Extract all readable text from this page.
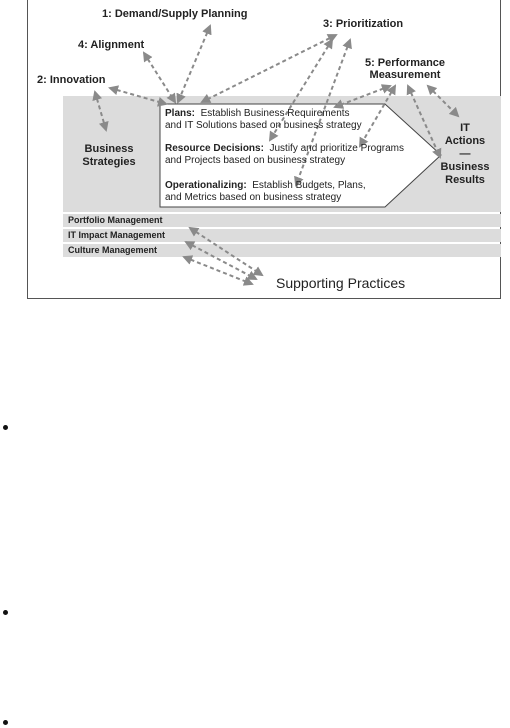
1: Demand/Supply Planning
3: Prioritization
4: Alignment
2: Innovation
5: Performance
Measurement
Business
Strategies
IT
Actions
—
Business
Results
Plans: Establish Business Requirements
and IT Solutions based on business strategy
Resource Decisions: Justify and prioritize Programs
and Projects based on business strategy
Operationalizing: Establish Budgets, Plans,
and Metrics based on business strategy
Portfolio Management
IT Impact Management
Culture Management
Supporting Practices
